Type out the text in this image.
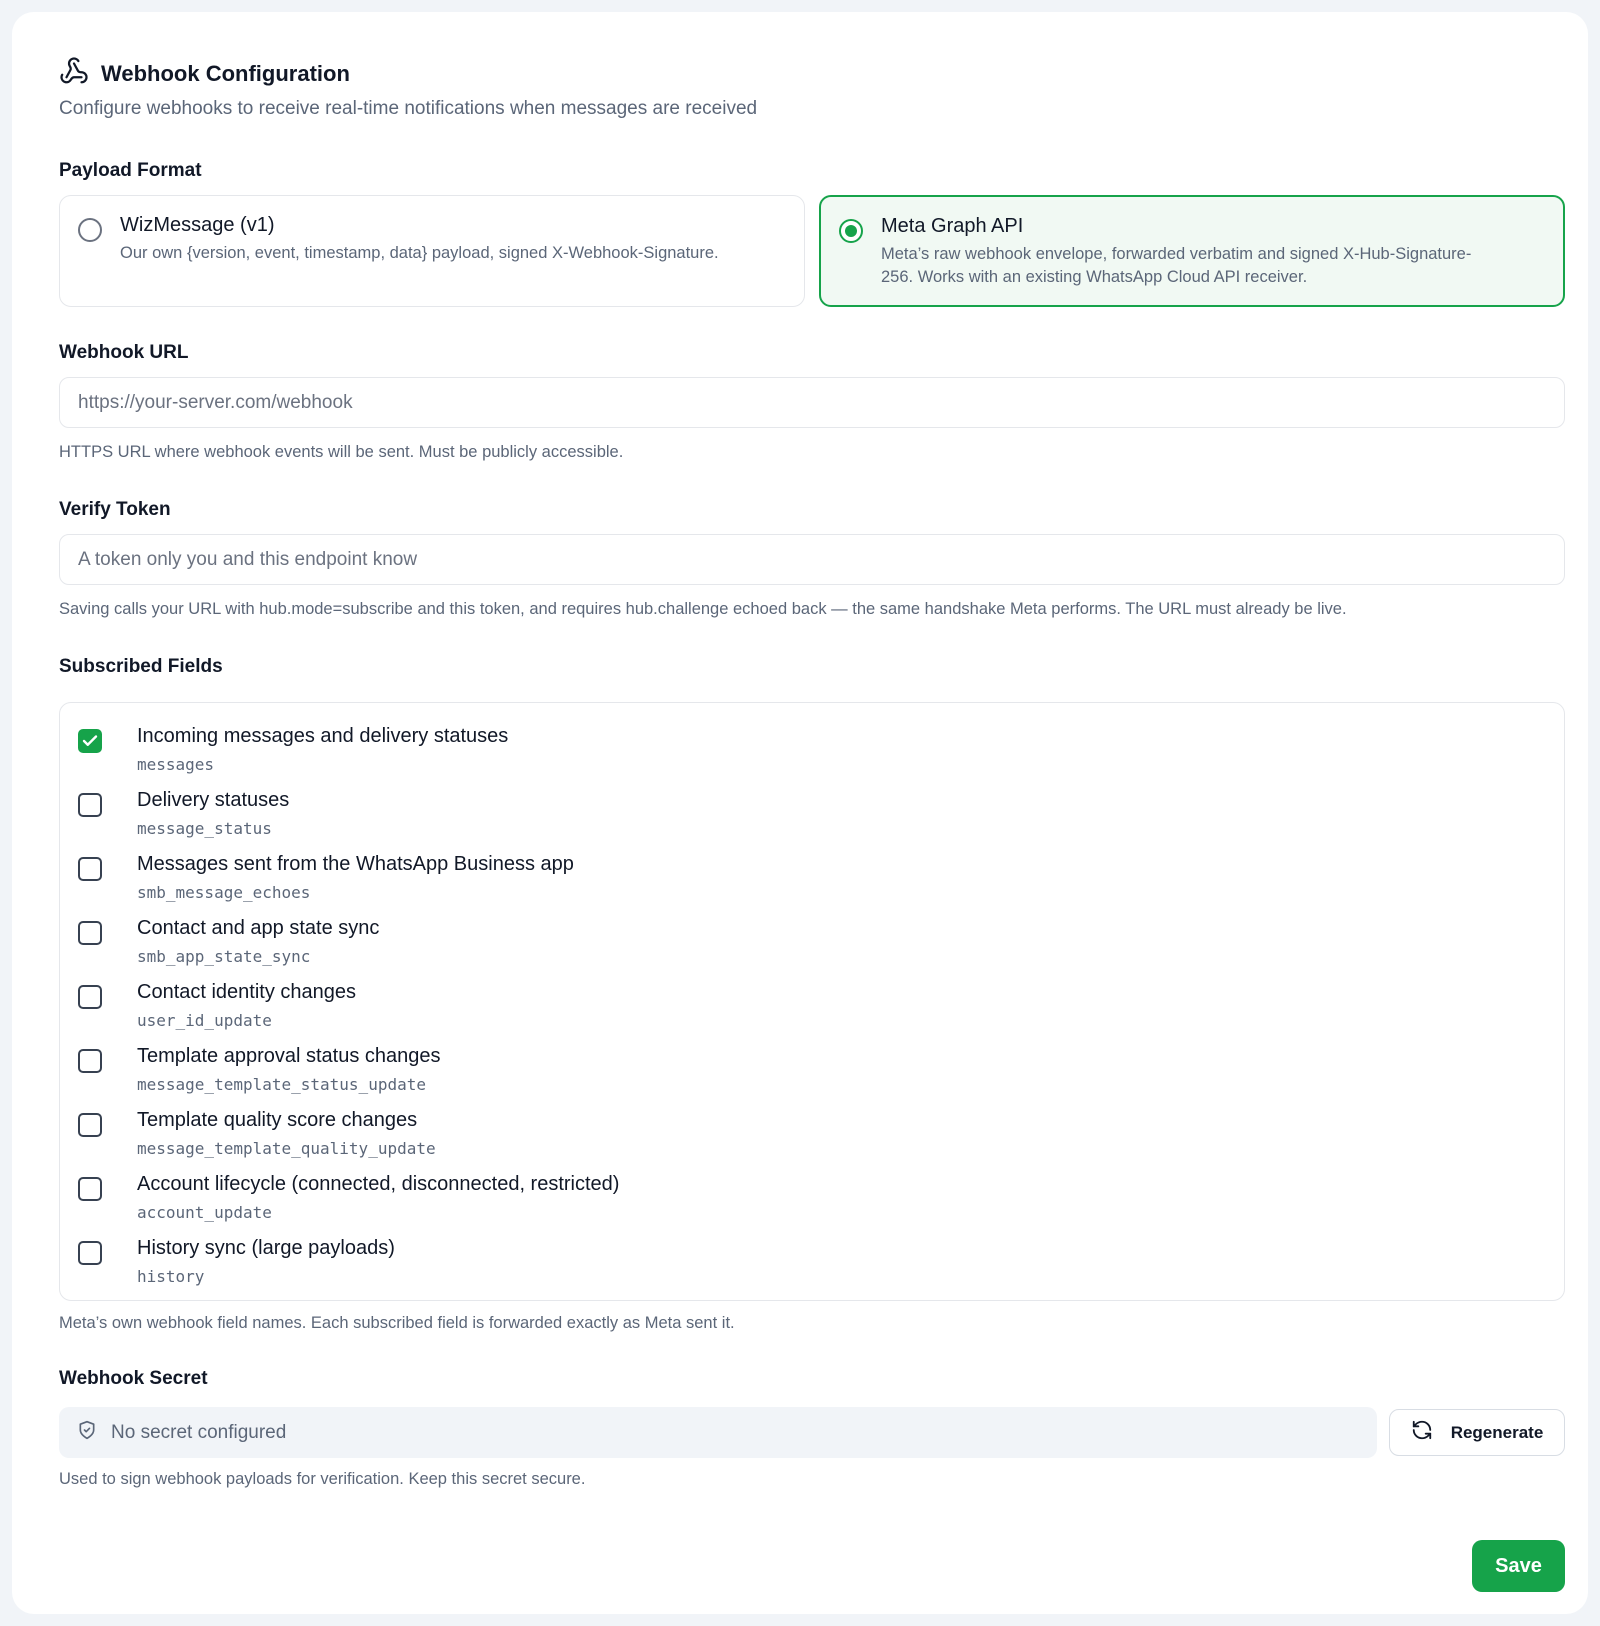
Webhook Configuration
Configure webhooks to receive real-time notifications when messages are received
Payload Format
WizMessage (v1)
Our own {version, event, timestamp, data} payload, signed X-Webhook-Signature.
Meta Graph API
Meta’s raw webhook envelope, forwarded verbatim and signed X-Hub-Signature-256. Works with an existing WhatsApp Cloud API receiver.
Webhook URL
https://your-server.com/webhook
HTTPS URL where webhook events will be sent. Must be publicly accessible.
Verify Token
A token only you and this endpoint know
Saving calls your URL with hub.mode=subscribe and this token, and requires hub.challenge echoed back — the same handshake Meta performs. The URL must already be live.
Subscribed Fields
Incoming messages and delivery statuses
messages
Delivery statuses
message_status
Messages sent from the WhatsApp Business app
smb_message_echoes
Contact and app state sync
smb_app_state_sync
Contact identity changes
user_id_update
Template approval status changes
message_template_status_update
Template quality score changes
message_template_quality_update
Account lifecycle (connected, disconnected, restricted)
account_update
History sync (large payloads)
history
Meta’s own webhook field names. Each subscribed field is forwarded exactly as Meta sent it.
Webhook Secret
No secret configured	Regenerate
Used to sign webhook payloads for verification. Keep this secret secure.
Save
